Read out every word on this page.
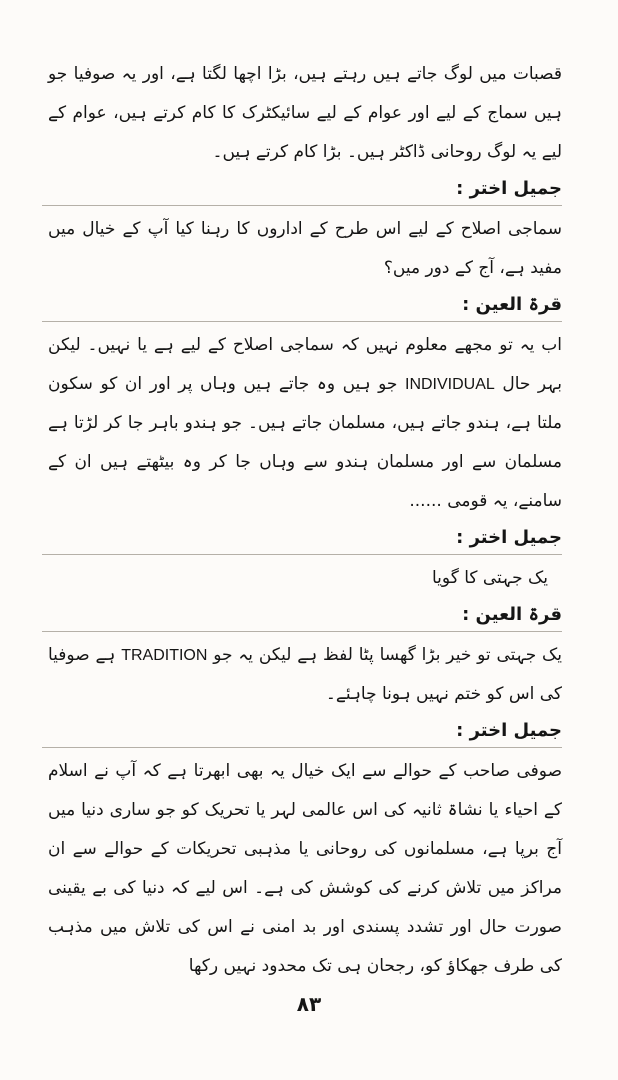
قصبات میں لوگ جاتے ہیں رہتے ہیں، بڑا اچھا لگتا ہے، اور یہ صوفیا جو ہیں سماج کے لیے اور عوام کے لیے سائیکٹرک کا کام کرتے ہیں، عوام کے لیے یہ لوگ روحانی ڈاکٹر ہیں۔ بڑا کام کرتے ہیں۔

جمیل اختر :

سماجی اصلاح کے لیے اس طرح کے اداروں کا رہنا کیا آپ کے خیال میں مفید ہے، آج کے دور میں؟

قرۃ العین :

اب یہ تو مجھے معلوم نہیں کہ سماجی اصلاح کے لیے ہے یا نہیں۔ لیکن بہر حال INDIVIDUAL جو ہیں وہ جاتے ہیں وہاں پر اور ان کو سکون ملتا ہے، ہندو جاتے ہیں، مسلمان جاتے ہیں۔ جو ہندو باہر جا کر لڑتا ہے مسلمان سے اور مسلمان ہندو سے وہاں جا کر وہ بیٹھتے ہیں ان کے سامنے، یہ قومی ......

جمیل اختر :

یک جہتی کا گویا

قرۃ العین :

یک جہتی تو خیر بڑا گھسا پٹا لفظ ہے لیکن یہ جو TRADITION ہے صوفیا کی اس کو ختم نہیں ہونا چاہئے۔

جمیل اختر :

صوفی صاحب کے حوالے سے ایک خیال یہ بھی ابھرتا ہے کہ آپ نے اسلام کے احیاء یا نشاۃ ثانیہ کی اس عالمی لہر یا تحریک کو جو ساری دنیا میں آج برپا ہے، مسلمانوں کی روحانی یا مذہبی تحریکات کے حوالے سے ان مراکز میں تلاش کرنے کی کوشش کی ہے۔ اس لیے کہ دنیا کی بے یقینی صورت حال اور تشدد پسندی اور بد امنی نے اس کی تلاش میں مذہب کی طرف جھکاؤ کو، رجحان ہی تک محدود نہیں رکھا

۸۳
